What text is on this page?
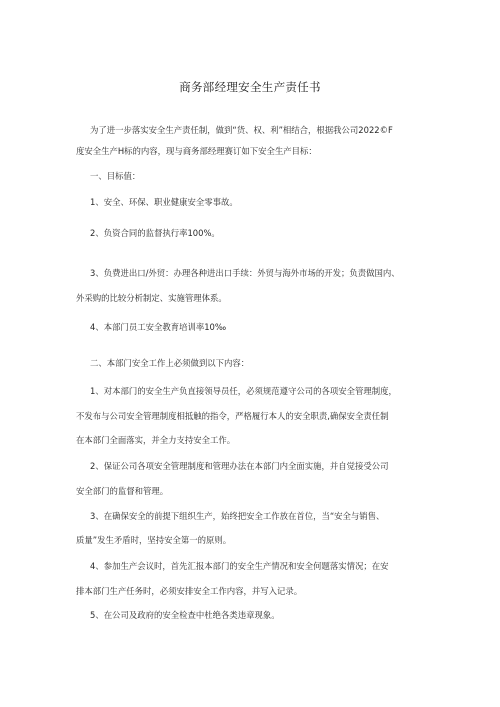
商务部经理安全生产责任书
为了进一步落实安全生产责任制，做到“货、权、利”相结合，根据我公司2022©F
度安全生产H标的内容，现与商务部经理赛订如下安全生产目标：
一、目标值：
1、安全、环保、职业健康安全零事故。
2、负资合同的监督执行率100%。
3、负费进出口/外贸：办理各种进出口手续：外贸与海外市场的开发；负责做国内、
外采购的比较分析制定、实施管理体系。
4、本部门员工安全教育培训率10‰
二、本部门安全工作上必须做到以下内容：
1、对本部门的安全生产负直接领导员任，必须规范遵守公司的各项安全管理制度，
不发布与公司安全管理制度相抵触的指令，严格履行本人的安全职责,确保安全责任制
在本部门全面落实，并全力支持安全工作。
2、保证公司各项安全管理制度和管理办法在本部门内全面实施，并自觉接受公司
安全部门的监督和管理。
3、在确保安全的前提下组织生产，始终把安全工作放在首位，当“安全与销售、
质量”发生矛盾时，坚持安全第一的原则。
4、参加生产会议时，首先汇报本部门的安全生产情况和安全何题落实情况；在安
排本部门生产任务时，必须安排安全工作内容，并写入记录。
5、在公司及政府的安全检查中杜绝各类违章现象。
